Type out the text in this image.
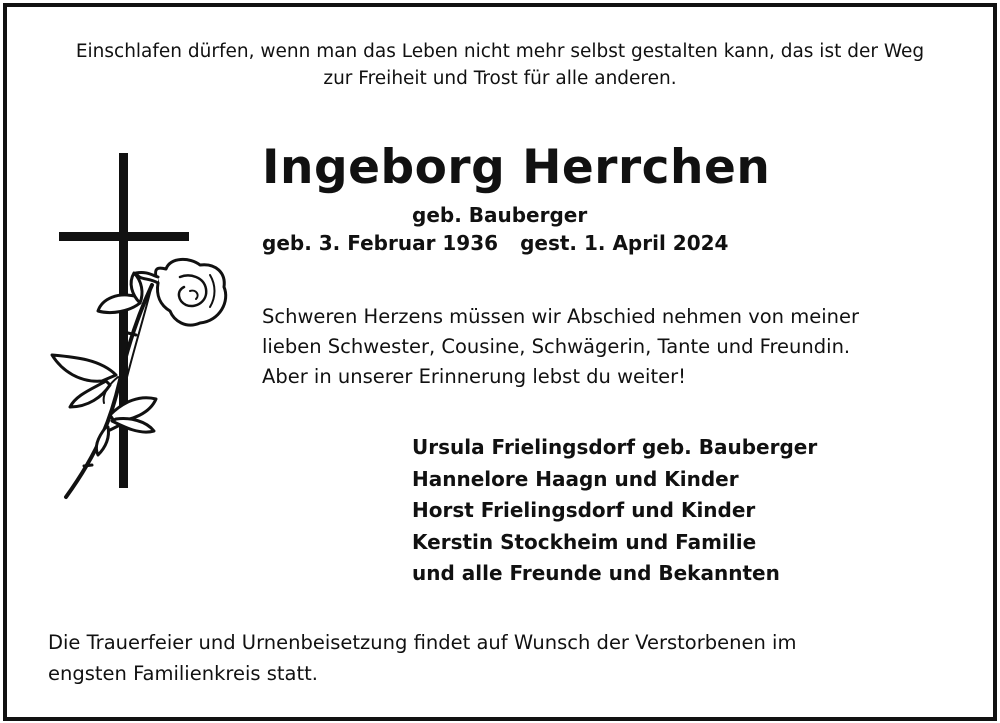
Einschlafen dürfen, wenn man das Leben nicht mehr selbst gestalten kann, das ist der Weg
zur Freiheit und Trost für alle anderen.
Ingeborg Herrchen
geb. Bauberger
geb. 3. Februar 1936 gest. 1. April 2024
Schweren Herzens müssen wir Abschied nehmen von meiner
lieben Schwester, Cousine, Schwägerin, Tante und Freundin.
Aber in unserer Erinnerung lebst du weiter!
Ursula Frielingsdorf geb. Bauberger
Hannelore Haagn und Kinder
Horst Frielingsdorf und Kinder
Kerstin Stockheim und Familie
und alle Freunde und Bekannten
Die Trauerfeier und Urnenbeisetzung findet auf Wunsch der Verstorbenen im
engsten Familienkreis statt.
